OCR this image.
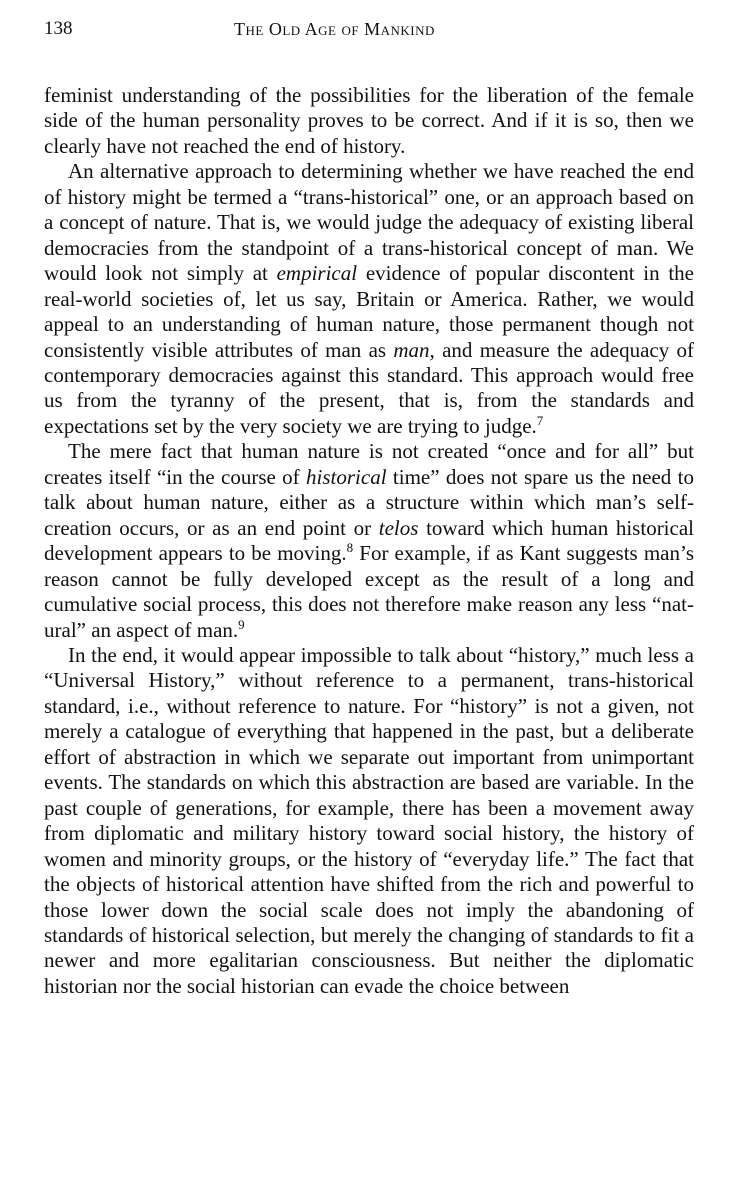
138	The Old Age of Mankind

feminist understanding of the possibilities for the liberation of the female side of the human personality proves to be correct. And if it is so, then we clearly have not reached the end of history.

An alternative approach to determining whether we have reached the end of history might be termed a “trans-historical” one, or an approach based on a concept of nature. That is, we would judge the adequacy of existing liberal democracies from the standpoint of a trans-historical concept of man. We would look not simply at empirical evidence of popular discontent in the real-world societies of, let us say, Britain or America. Rather, we would appeal to an understanding of human nature, those permanent though not consistently visible attributes of man as man, and measure the adequacy of contemporary democracies against this standard. This approach would free us from the tyranny of the present, that is, from the standards and expectations set by the very society we are trying to judge.$^7$

The mere fact that human nature is not created “once and for all” but creates itself “in the course of historical time” does not spare us the need to talk about human nature, either as a structure within which man’s self-creation occurs, or as an end point or telos toward which human historical development appears to be moving.$^8$ For example, if as Kant suggests man’s reason cannot be fully developed except as the result of a long and cumulative social process, this does not therefore make reason any less “natural” an aspect of man.$^9$

In the end, it would appear impossible to talk about “history,” much less a “Universal History,” without reference to a permanent, trans-historical standard, i.e., without reference to nature. For “history” is not a given, not merely a catalogue of everything that happened in the past, but a deliberate effort of abstraction in which we separate out important from unimportant events. The standards on which this abstraction are based are variable. In the past couple of generations, for example, there has been a movement away from diplomatic and military history toward social history, the history of women and minority groups, or the history of “everyday life.” The fact that the objects of historical attention have shifted from the rich and powerful to those lower down the social scale does not imply the abandoning of standards of historical selection, but merely the changing of standards to fit a newer and more egalitarian consciousness. But neither the diplomatic historian nor the social historian can evade the choice between
